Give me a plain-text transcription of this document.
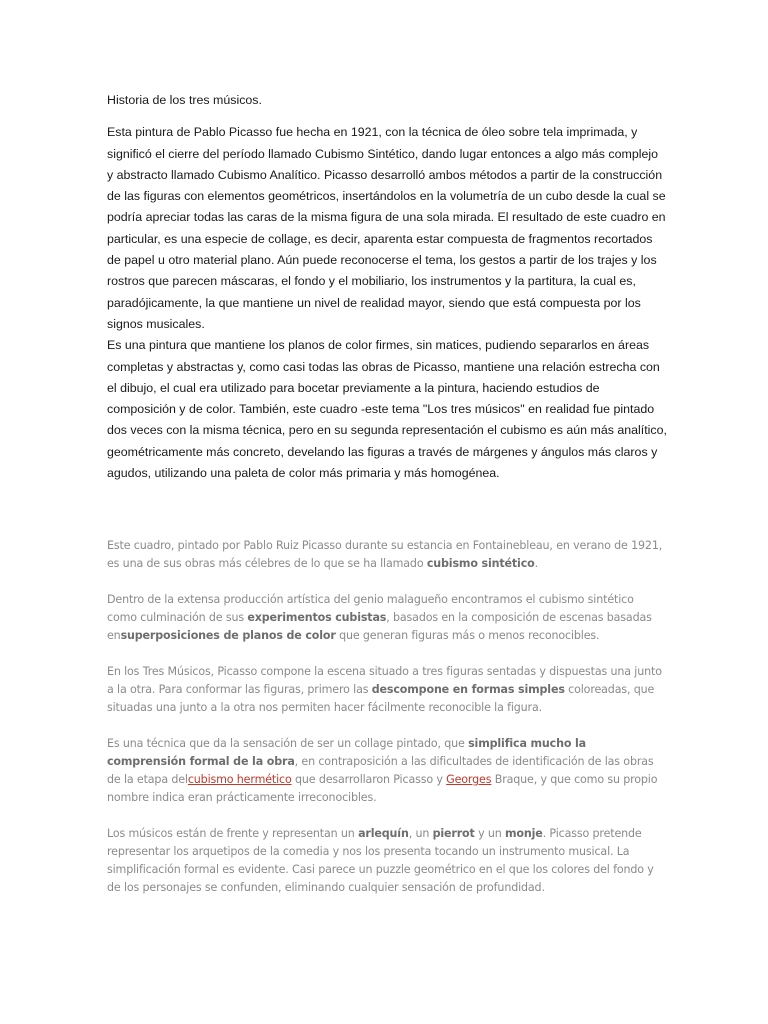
Historia de los tres músicos.

Esta pintura de Pablo Picasso fue hecha en 1921, con la técnica de óleo sobre tela imprimada, y significó el cierre del período llamado Cubismo Sintético, dando lugar entonces a algo más complejo y abstracto llamado Cubismo Analítico. Picasso desarrolló ambos métodos a partir de la construcción de las figuras con elementos geométricos, insertándolos en la volumetría de un cubo desde la cual se podría apreciar todas las caras de la misma figura de una sola mirada. El resultado de este cuadro en particular, es una especie de collage, es decir, aparenta estar compuesta de fragmentos recortados de papel u otro material plano. Aún puede reconocerse el tema, los gestos a partir de los trajes y los rostros que parecen máscaras, el fondo y el mobiliario, los instrumentos y la partitura, la cual es, paradójicamente, la que mantiene un nivel de realidad mayor, siendo que está compuesta por los signos musicales.

Es una pintura que mantiene los planos de color firmes, sin matices, pudiendo separarlos en áreas completas y abstractas y, como casi todas las obras de Picasso, mantiene una relación estrecha con el dibujo, el cual era utilizado para bocetar previamente a la pintura, haciendo estudios de composición y de color. También, este cuadro -este tema "Los tres músicos" en realidad fue pintado dos veces con la misma técnica, pero en su segunda representación el cubismo es aún más analítico, geométricamente más concreto, develando las figuras a través de márgenes y ángulos más claros y agudos, utilizando una paleta de color más primaria y más homogénea.

Este cuadro, pintado por Pablo Ruiz Picasso durante su estancia en Fontainebleau, en verano de 1921, es una de sus obras más célebres de lo que se ha llamado cubismo sintético.

Dentro de la extensa producción artística del genio malagueño encontramos el cubismo sintético como culminación de sus experimentos cubistas, basados en la composición de escenas basadas ensuperposiciones de planos de color que generan figuras más o menos reconocibles.

En los Tres Músicos, Picasso compone la escena situado a tres figuras sentadas y dispuestas una junto a la otra. Para conformar las figuras, primero las descompone en formas simples coloreadas, que situadas una junto a la otra nos permiten hacer fácilmente reconocible la figura.

Es una técnica que da la sensación de ser un collage pintado, que simplifica mucho la comprensión formal de la obra, en contraposición a las dificultades de identificación de las obras de la etapa delcubismo hermético que desarrollaron Picasso y Georges Braque, y que como su propio nombre indica eran prácticamente irreconocibles.

Los músicos están de frente y representan un arlequín, un pierrot y un monje. Picasso pretende representar los arquetipos de la comedia y nos los presenta tocando un instrumento musical. La simplificación formal es evidente. Casi parece un puzzle geométrico en el que los colores del fondo y de los personajes se confunden, eliminando cualquier sensación de profundidad.
